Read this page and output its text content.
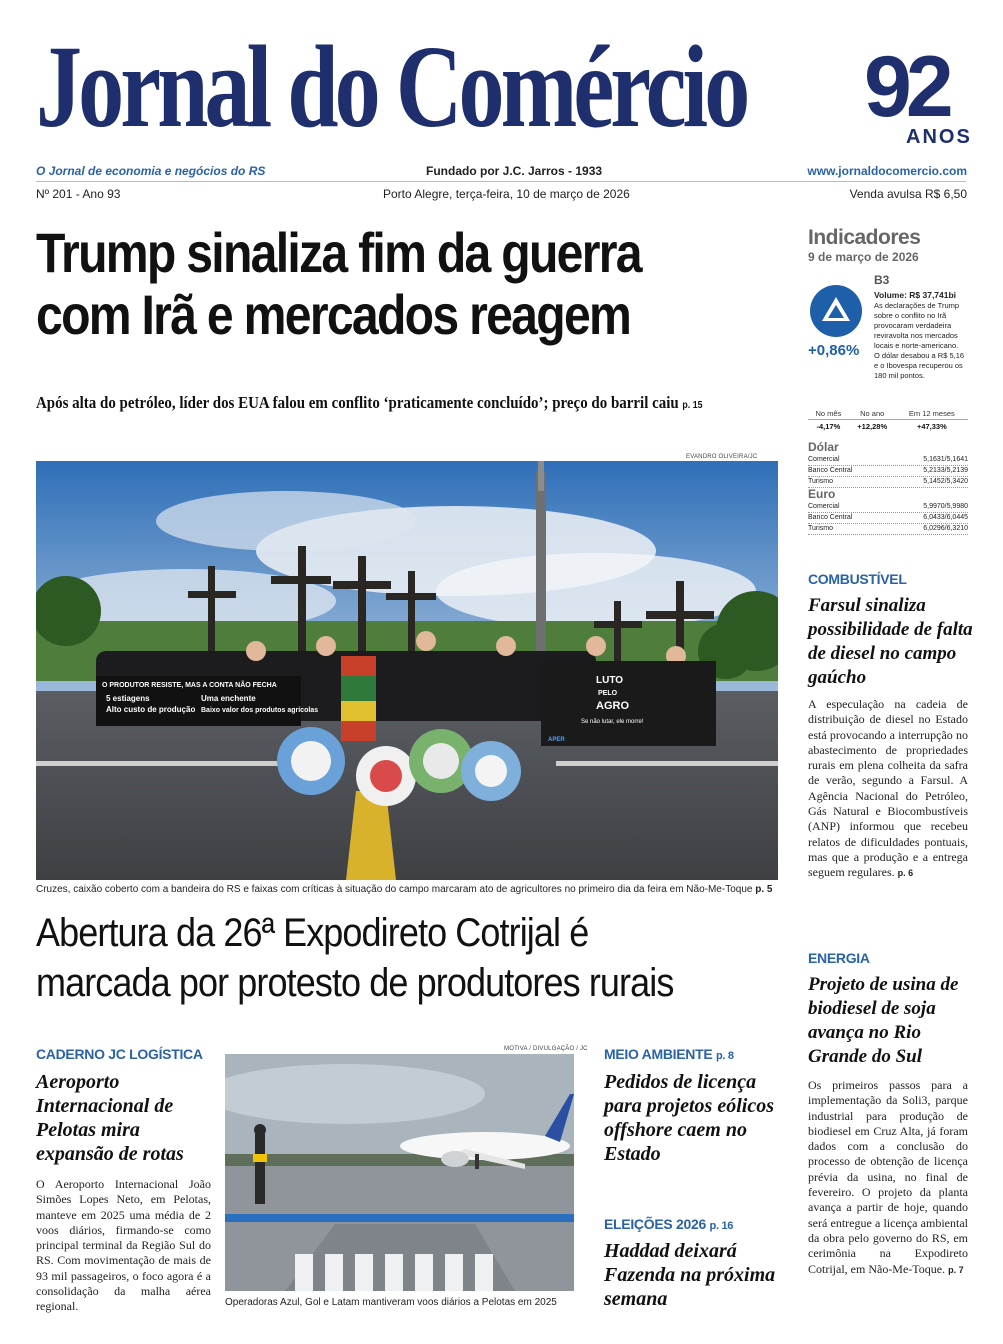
Jornal do Comércio 92
ANOS
O Jornal de economia e negócios do RS	Fundado por J.C. Jarros - 1933	www.jornaldocomercio.com
Nº 201 - Ano 93	Porto Alegre, terça-feira, 10 de março de 2026	Venda avulsa R$ 6,50
Trump sinaliza fim da guerra
com Irã e mercados reagem
Após alta do petróleo, líder dos EUA falou em conflito ‘praticamente concluído’; preço do barril caiu p. 15
EVANDRO OLIVEIRA/JC
O PRODUTOR RESISTE, MAS A CONTA NÃO FECHA
5 estiagens
Alto custo de produção
Uma enchente
Baixo valor dos produtos agrícolas
LUTO
PELO
AGRO
Se não lutar, ele morre!
APER
Cruzes, caixão coberto com a bandeira do RS e faixas com críticas à situação do campo marcaram ato de agricultores no primeiro dia da feira em Não-Me-Toque p. 5
Abertura da 26ª Expodireto Cotrijal é
marcada por protesto de produtores rurais
CADERNO JC LOGÍSTICA
Aeroporto Internacional de Pelotas mira expansão de rotas
O Aeroporto Internacional João Simões Lopes Neto, em Pelotas, manteve em 2025 uma média de 2 voos diários, firmando-se como principal terminal da Região Sul do RS. Com movimentação de mais de 93 mil passageiros, o foco agora é a consolidação da malha aérea regional.
MOTIVA / DIVULGAÇÃO / JC
Operadoras Azul, Gol e Latam mantiveram voos diários a Pelotas em 2025
MEIO AMBIENTE p. 8
Pedidos de licença para projetos eólicos offshore caem no Estado
ELEIÇÕES 2026 p. 16
Haddad deixará Fazenda na próxima semana
Indicadores
9 de março de 2026
+0,86%
B3
Volume: R$ 37,741bi
As declarações de Trump sobre o conflito no Irã provocaram verdadeira reviravolta nos mercados locais e norte-americano. O dólar desabou a R$ 5,16 e o Ibovespa recuperou os 180 mil pontos.
No mês	No ano	Em 12 meses
-4,17%	+12,28%	+47,33%
Dólar
Comercial	5,1631/5,1641
Banco Central	5,2133/5,2139
Turismo	5,1452/5,3420
Euro
Comercial	5,9970/5,9980
Banco Central	6,0433/6,0445
Turismo	6,0296/6,3210
COMBUSTÍVEL
Farsul sinaliza possibilidade de falta de diesel no campo gaúcho
A especulação na cadeia de distribuição de diesel no Estado está provocando a interrupção no abastecimento de propriedades rurais em plena colheita da safra de verão, segundo a Farsul. A Agência Nacional do Petróleo, Gás Natural e Biocombustíveis (ANP) informou que recebeu relatos de dificuldades pontuais, mas que a produção e a entrega seguem regulares. p. 6
ENERGIA
Projeto de usina de biodiesel de soja avança no Rio Grande do Sul
Os primeiros passos para a implementação da Soli3, parque industrial para produção de biodiesel em Cruz Alta, já foram dados com a conclusão do processo de obtenção de licença prévia da usina, no final de fevereiro. O projeto da planta avança a partir de hoje, quando será entregue a licença ambiental da obra pelo governo do RS, em cerimônia na Expodireto Cotrijal, em Não-Me-Toque. p. 7
